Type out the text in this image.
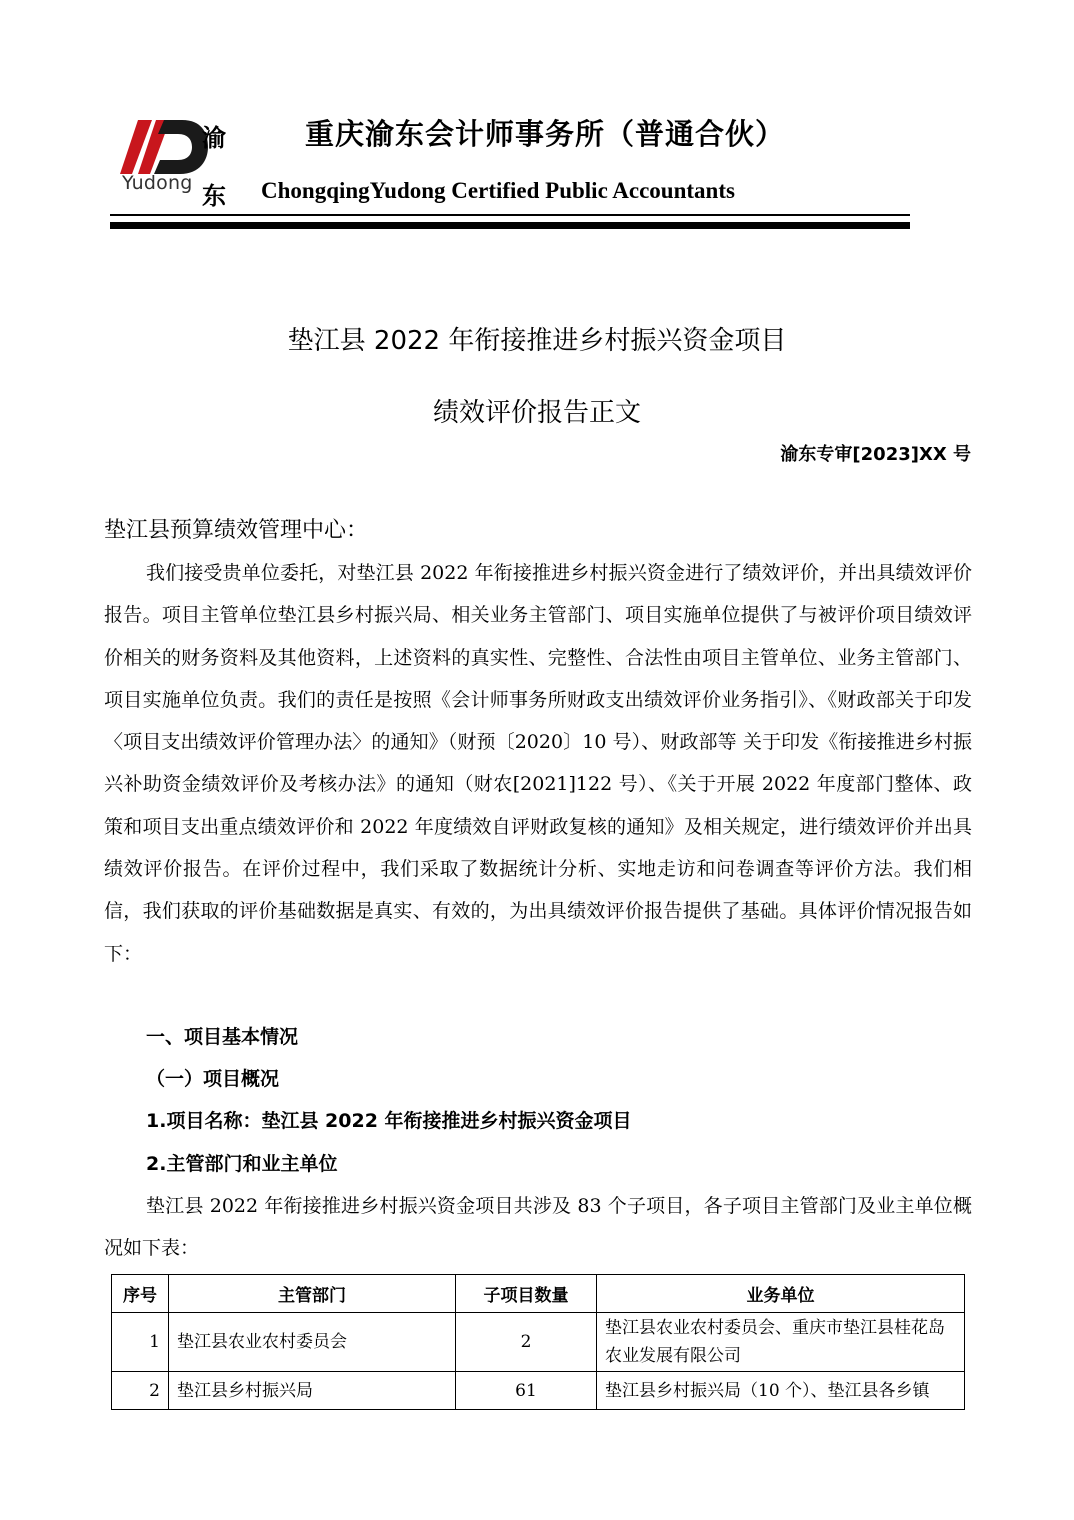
Yudong
渝
东
重庆渝东会计师事务所（普通合伙）
ChongqingYudong Certified Public Accountants
垫江县 2022 年衔接推进乡村振兴资金项目
绩效评价报告正文
渝东专审[2023]XX 号
垫江县预算绩效管理中心：

我们接受贵单位委托，对垫江县 2022 年衔接推进乡村振兴资金进行了绩效评价，并出具绩效评价报告。项目主管单位垫江县乡村振兴局、相关业务主管部门、项目实施单位提供了与被评价项目绩效评价相关的财务资料及其他资料，上述资料的真实性、完整性、合法性由项目主管单位、业务主管部门、项目实施单位负责。我们的责任是按照《会计师事务所财政支出绩效评价业务指引》、《财政部关于印发〈项目支出绩效评价管理办法〉的通知》（财预〔2020〕10 号）、财政部等 关于印发《衔接推进乡村振兴补助资金绩效评价及考核办法》的通知（财农[2021]122 号）、《关于开展 2022 年度部门整体、政策和项目支出重点绩效评价和 2022 年度绩效自评财政复核的通知》及相关规定，进行绩效评价并出具绩效评价报告。在评价过程中，我们采取了数据统计分析、实地走访和问卷调查等评价方法。我们相信，我们获取的评价基础数据是真实、有效的，为出具绩效评价报告提供了基础。具体评价情况报告如下：

一、项目基本情况
（一）项目概况
1.项目名称：垫江县 2022 年衔接推进乡村振兴资金项目
2.主管部门和业主单位

垫江县 2022 年衔接推进乡村振兴资金项目共涉及 83 个子项目，各子项目主管部门及业主单位概况如下表：

序号	主管部门	子项目数量	业务单位
1	垫江县农业农村委员会	2	垫江县农业农村委员会、重庆市垫江县桂花岛农业发展有限公司
2	垫江县乡村振兴局	61	垫江县乡村振兴局（10 个）、垫江县各乡镇
